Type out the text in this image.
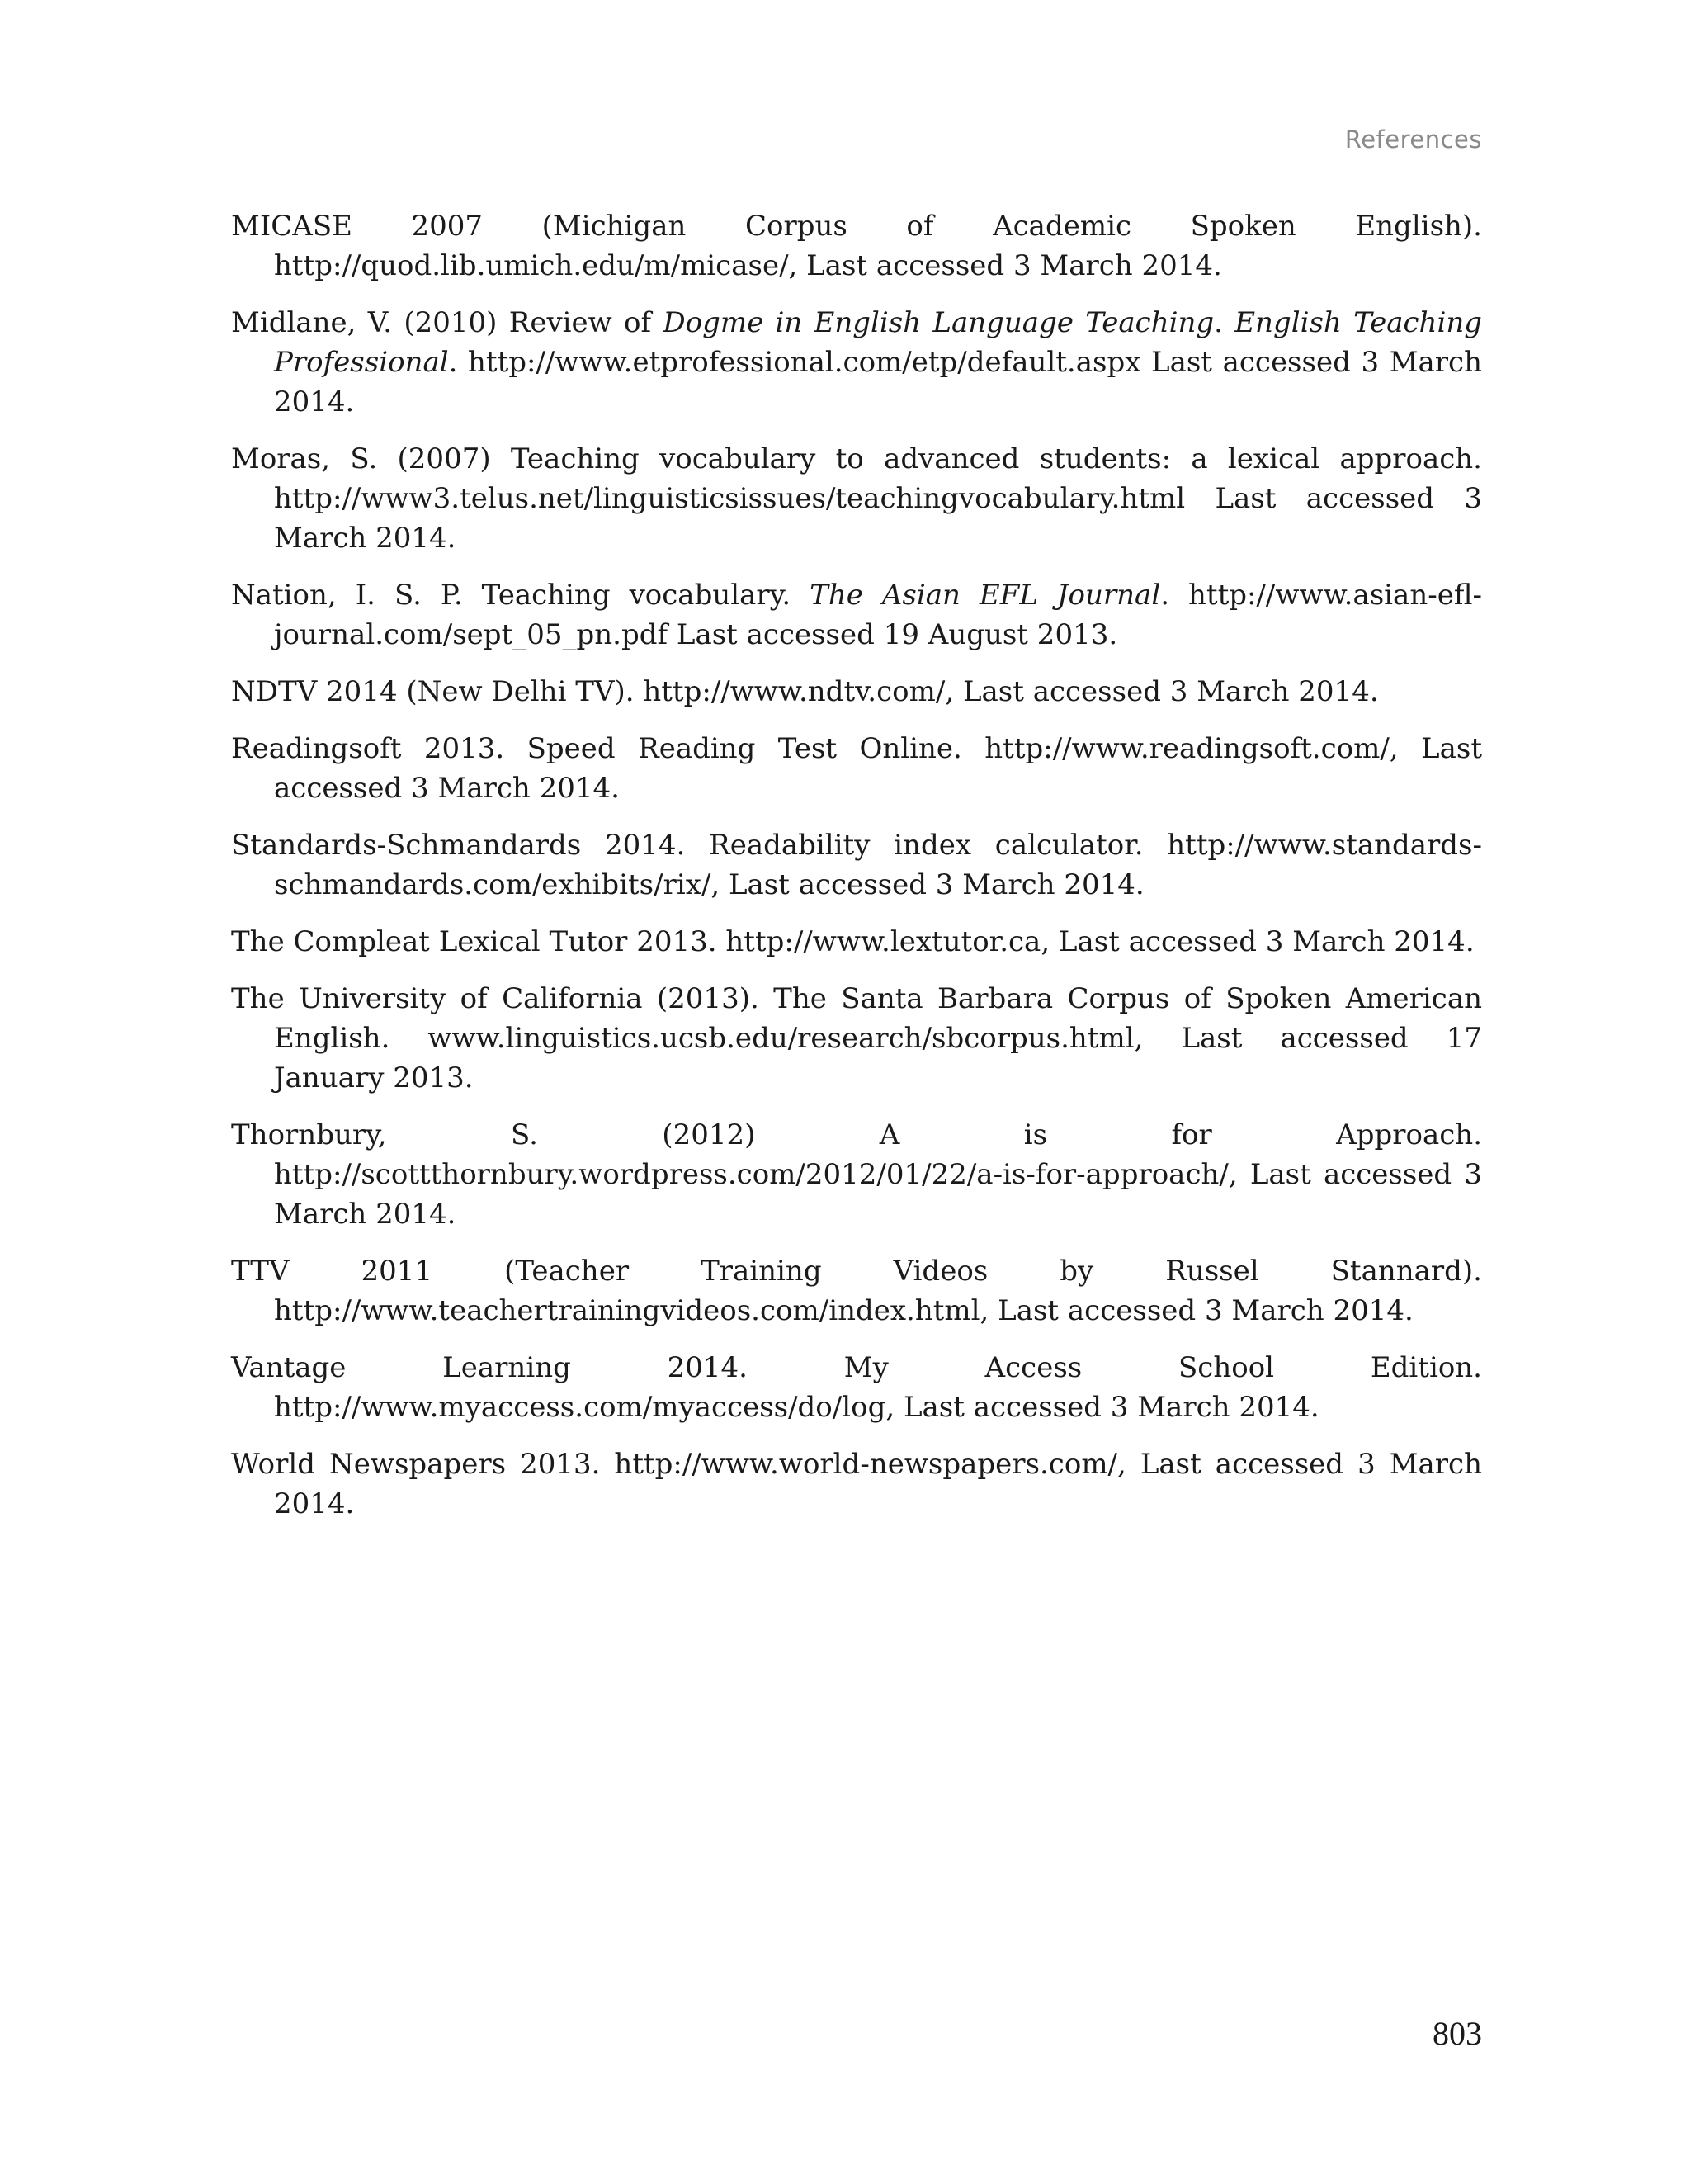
References

MICASE 2007 (Michigan Corpus of Academic Spoken English). http://quod.lib.umich.edu/m/micase/, Last accessed 3 March 2014.

Midlane, V. (2010) Review of Dogme in English Language Teaching. English Teaching Professional. http://www.etprofessional.com/etp/default.aspx Last accessed 3 March 2014.

Moras, S. (2007) Teaching vocabulary to advanced students: a lexical approach. http://www3.telus.net/linguisticsissues/teachingvocabulary.html Last accessed 3 March 2014.

Nation, I. S. P. Teaching vocabulary. The Asian EFL Journal. http://www.asian-efl-journal.com/sept_05_pn.pdf Last accessed 19 August 2013.

NDTV 2014 (New Delhi TV). http://www.ndtv.com/, Last accessed 3 March 2014.

Readingsoft 2013. Speed Reading Test Online. http://www.readingsoft.com/, Last accessed 3 March 2014.

Standards-Schmandards 2014. Readability index calculator. http://www.standards-schmandards.com/exhibits/rix/, Last accessed 3 March 2014.

The Compleat Lexical Tutor 2013. http://www.lextutor.ca, Last accessed 3 March 2014.

The University of California (2013). The Santa Barbara Corpus of Spoken American English. www.linguistics.ucsb.edu/research/sbcorpus.html, Last accessed 17 January 2013.

Thornbury, S. (2012) A is for Approach. http://scottthornbury.wordpress.com/2012/01/22/a-is-for-approach/, Last accessed 3 March 2014.

TTV 2011 (Teacher Training Videos by Russel Stannard). http://www.teachertrainingvideos.com/index.html, Last accessed 3 March 2014.

Vantage Learning 2014. My Access School Edition. http://www.myaccess.com/myaccess/do/log, Last accessed 3 March 2014.

World Newspapers 2013. http://www.world-newspapers.com/, Last accessed 3 March 2014.

803
